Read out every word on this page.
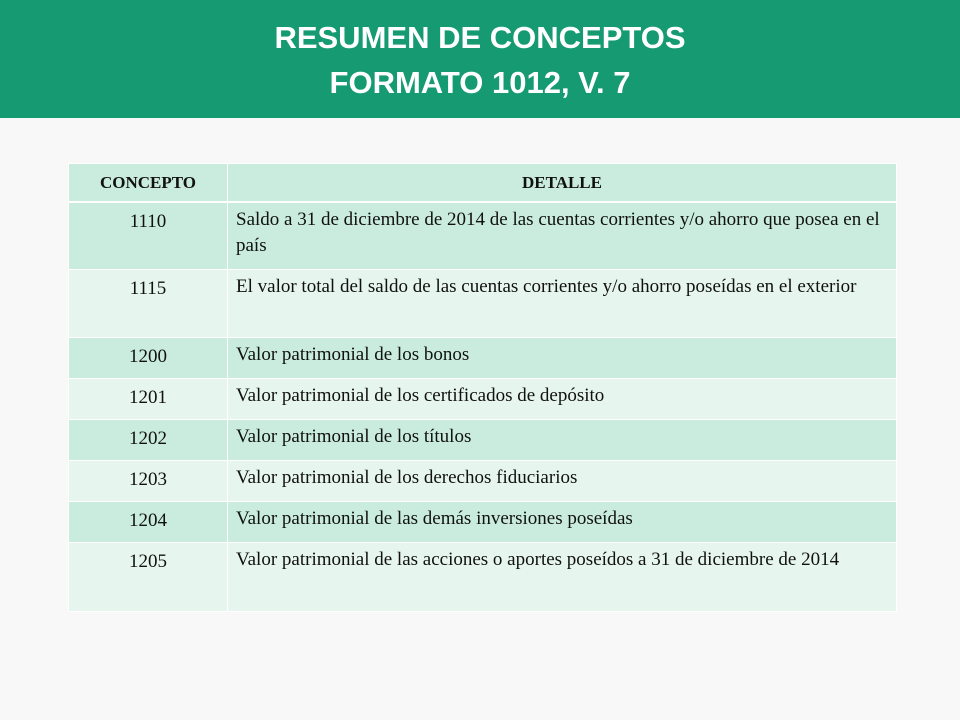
RESUMEN DE CONCEPTOS
FORMATO 1012, V. 7
CONCEPTO	DETALLE
1110	Saldo a 31 de diciembre de 2014 de las cuentas corrientes y/o ahorro que posea en el país
1115	El valor total del saldo de las cuentas corrientes y/o ahorro poseídas en el exterior
1200	Valor patrimonial de los bonos
1201	Valor patrimonial de los certificados de depósito
1202	Valor patrimonial de los títulos
1203	Valor patrimonial de los derechos fiduciarios
1204	Valor patrimonial de las demás inversiones poseídas
1205	Valor patrimonial de las acciones o aportes poseídos a 31 de diciembre de 2014
